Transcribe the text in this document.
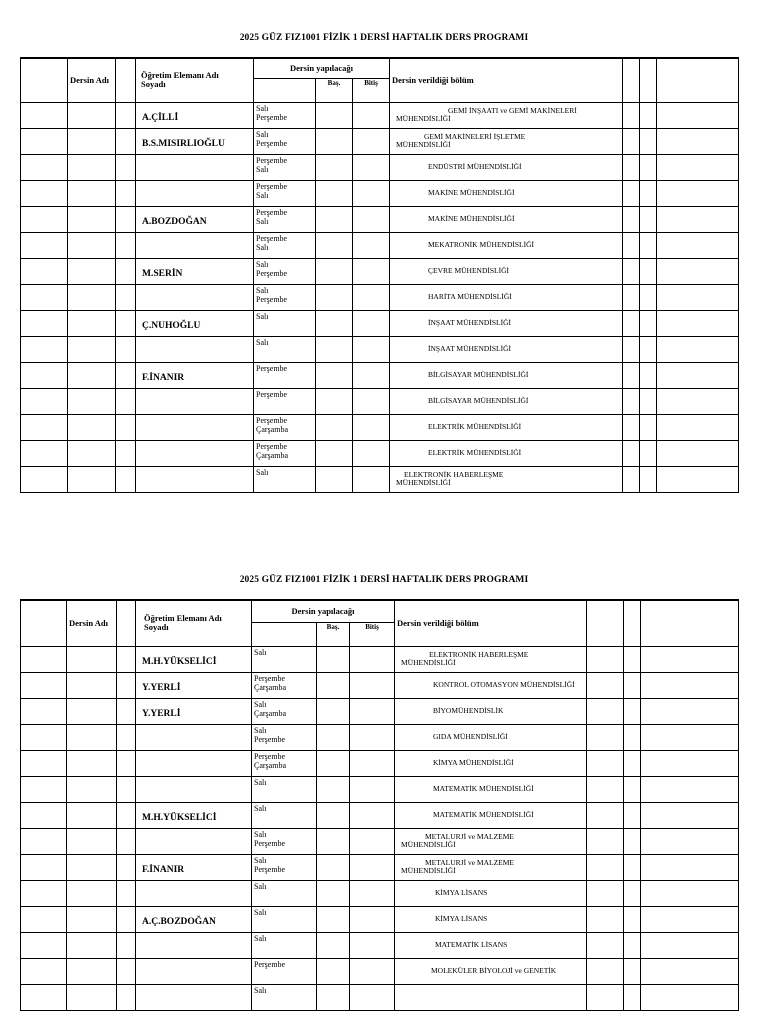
2025 GÜZ FIZ1001 FİZİK 1 DERSİ HAFTALIK DERS PROGRAMI
	Dersin Adı		Öğretim Elemanı Adı
Soyadı	Dersin yapılacağı			Dersin verildiği bölüm			
					Baş.	Bitiş				
			A.ÇİLLİ	Salı
Perşembe			GEMİ İNŞAATI ve GEMİ MAKİNELERİ
MÜHENDİSLİĞİ			

			B.S.MISIRLIOĞLU	Salı
Perşembe			GEMİ MAKİNELERİ İŞLETME
MÜHENDİSLİĞİ			

				Perşembe
Salı			ENDÜSTRİ MÜHENDİSLİĞİ			

				Perşembe
Salı			MAKİNE MÜHENDİSLİĞİ			

			A.BOZDOĞAN	Perşembe
Salı			MAKİNE MÜHENDİSLİĞİ			

				Perşembe
Salı			MEKATRONİK MÜHENDİSLİĞİ			

			M.SERİN	Salı
Perşembe			ÇEVRE MÜHENDİSLİĞİ			

				Salı
Perşembe			HARİTA MÜHENDİSLİĞİ			

			Ç.NUHOĞLU	Salı			İNŞAAT MÜHENDİSLİĞİ			

				Salı			İNŞAAT MÜHENDİSLİĞİ			

			F.İNANIR	Perşembe			BİLGİSAYAR MÜHENDİSLİĞİ			

				Perşembe			BİLGİSAYAR MÜHENDİSLİĞİ			

				Perşembe
Çarşamba			ELEKTRİK MÜHENDİSLİĞİ			

				Perşembe
Çarşamba			ELEKTRİK MÜHENDİSLİĞİ			

				Salı			ELEKTRONİK HABERLEŞME
MÜHENDİSLİĞİ			

2025 GÜZ FIZ1001 FİZİK 1 DERSİ HAFTALIK DERS PROGRAMI
	Dersin Adı		Öğretim Elemanı Adı
Soyadı	Dersin yapılacağı			Dersin verildiği bölüm			
					Baş.	Bitiş				
			M.H.YÜKSELİCİ	Salı			ELEKTRONİK HABERLEŞME
MÜHENDİSLİĞİ			

			Y.YERLİ	Perşembe
Çarşamba			KONTROL OTOMASYON MÜHENDİSLİĞİ			

			Y.YERLİ	Salı
Çarşamba			BİYOMÜHENDİSLİK			

				Salı
Perşembe			GIDA MÜHENDİSLİĞİ			

				Perşembe
Çarşamba			KİMYA MÜHENDİSLİĞİ			

				Salı			MATEMATİK MÜHENDİSLİĞİ			

			M.H.YÜKSELİCİ	Salı			MATEMATİK MÜHENDİSLİĞİ			

				Salı
Perşembe			METALURJİ ve MALZEME
MÜHENDİSLİĞİ			

			F.İNANIR	Salı
Perşembe			METALURJİ ve MALZEME
MÜHENDİSLİĞİ			

				Salı			KİMYA LİSANS			

			A.Ç.BOZDOĞAN	Salı			KİMYA LİSANS			

				Salı			MATEMATİK LİSANS			

				Perşembe			MOLEKÜLER BİYOLOJİ ve GENETİK			

				Salı						
